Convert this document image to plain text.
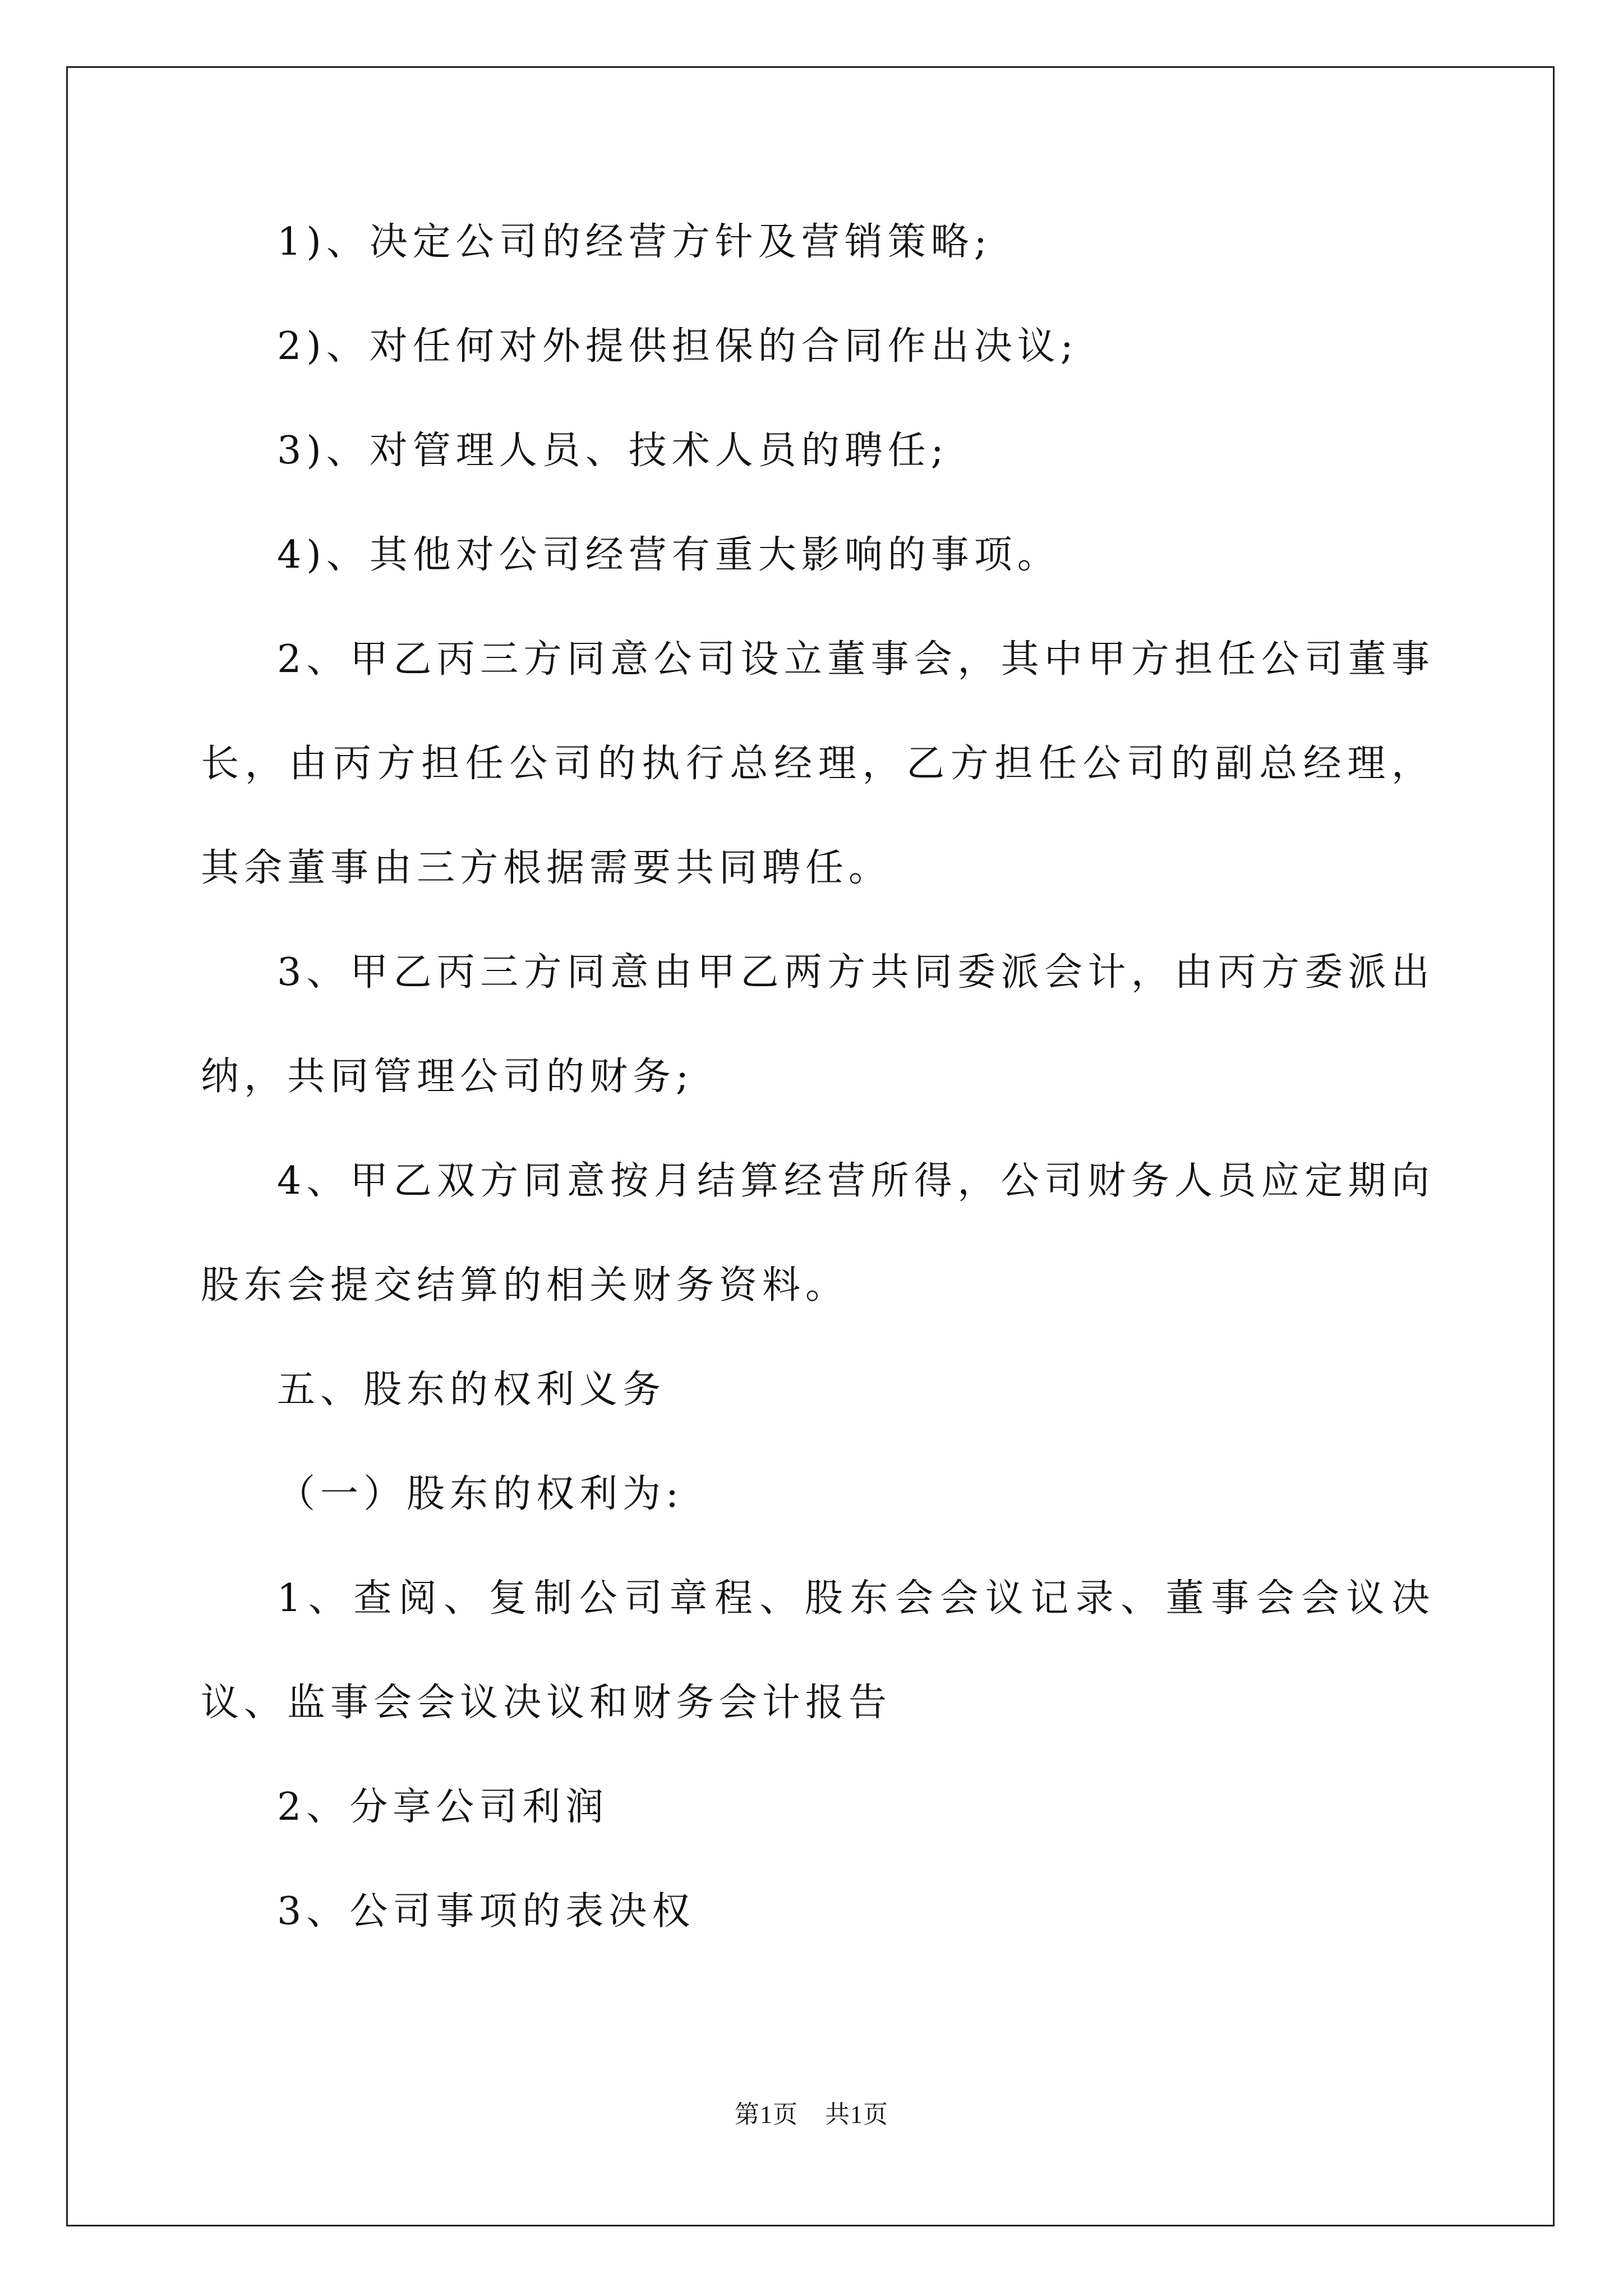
1)、决定公司的经营方针及营销策略;

2)、对任何对外提供担保的合同作出决议;

3)、对管理人员、技术人员的聘任;

4)、其他对公司经营有重大影响的事项。

2、甲乙丙三方同意公司设立董事会，其中甲方担任公司董事长，由丙方担任公司的执行总经理，乙方担任公司的副总经理，其余董事由三方根据需要共同聘任。

3、甲乙丙三方同意由甲乙两方共同委派会计，由丙方委派出纳，共同管理公司的财务;

4、甲乙双方同意按月结算经营所得，公司财务人员应定期向股东会提交结算的相关财务资料。

五、股东的权利义务

（一）股东的权利为:

1、查阅、复制公司章程、股东会会议记录、董事会会议决议、监事会会议决议和财务会计报告

2、分享公司利润

3、公司事项的表决权

第1页 共1页
